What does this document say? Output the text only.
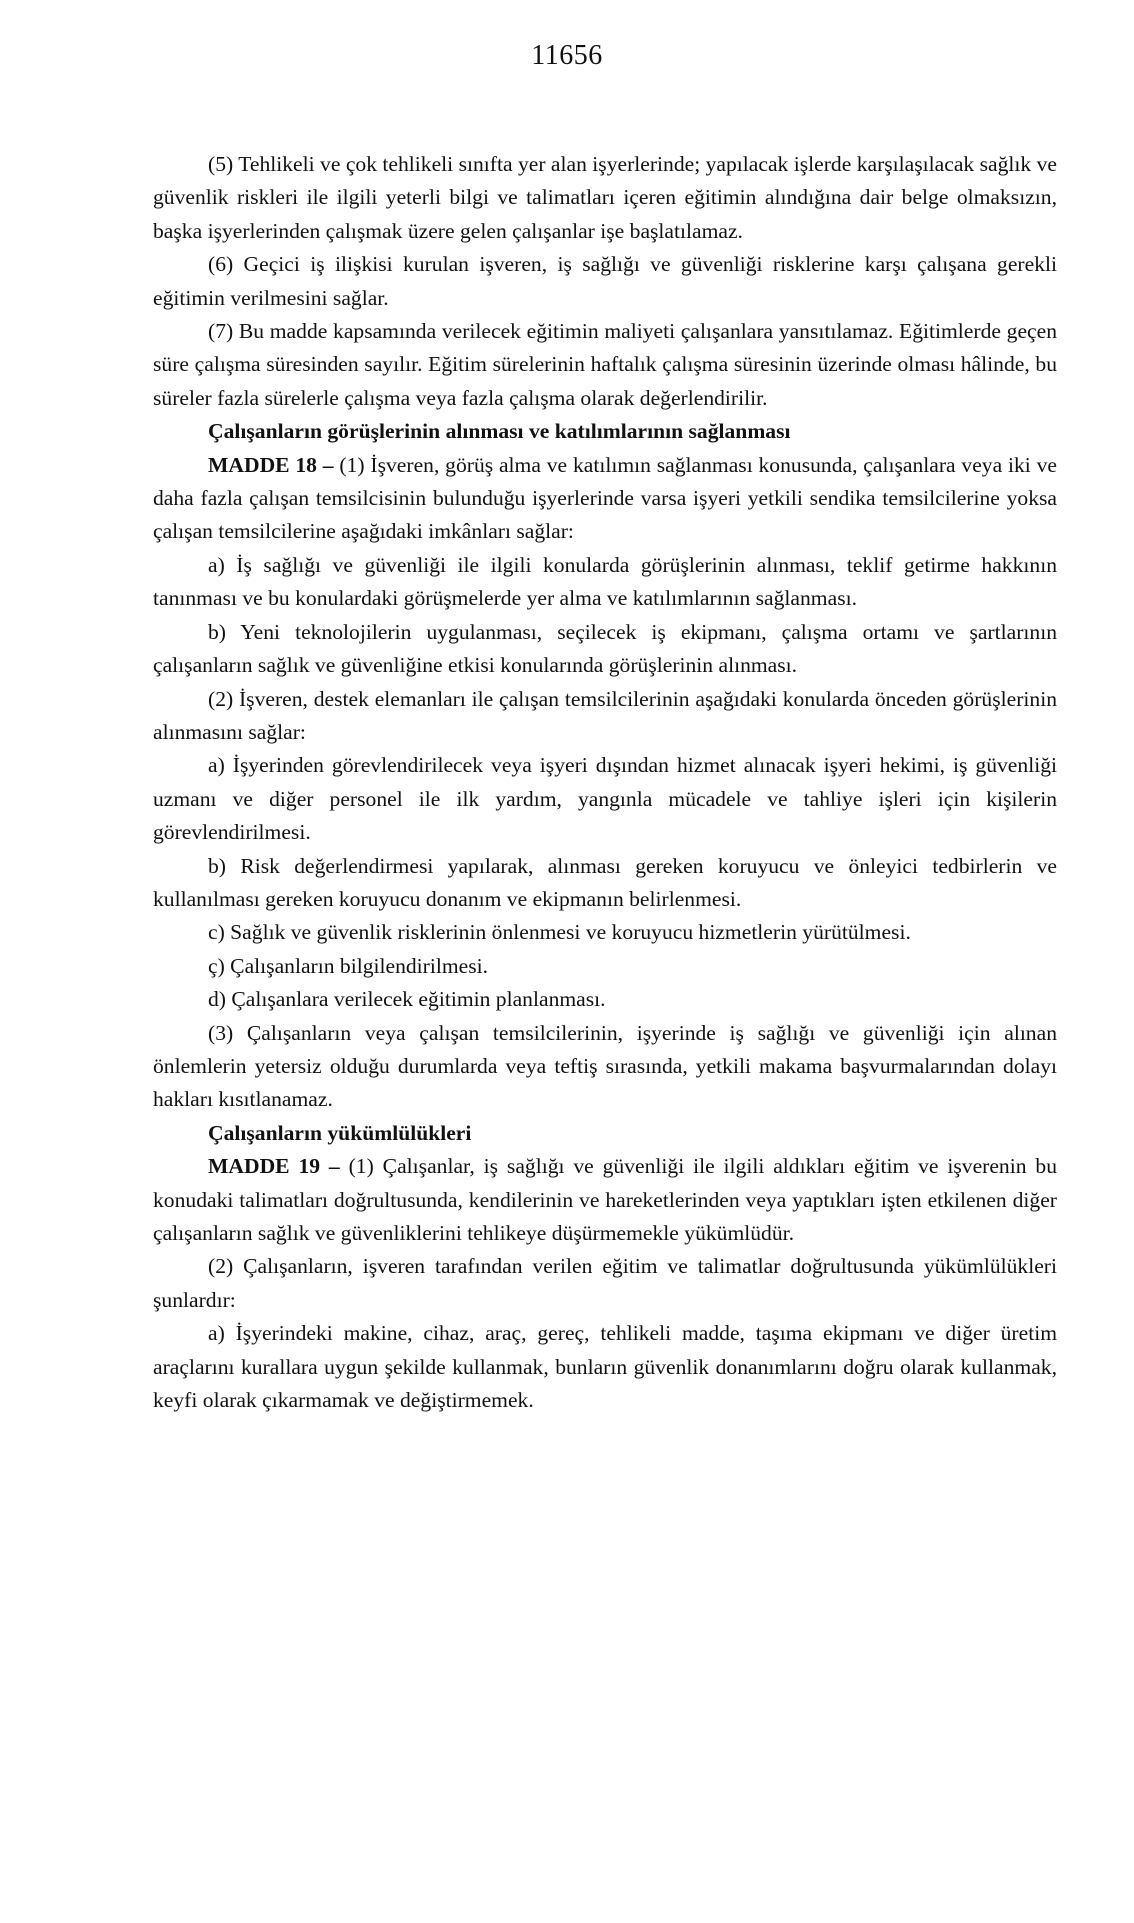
11656

(5) Tehlikeli ve çok tehlikeli sınıfta yer alan işyerlerinde; yapılacak işlerde karşılaşılacak sağlık ve güvenlik riskleri ile ilgili yeterli bilgi ve talimatları içeren eğitimin alındığına dair belge olmaksızın, başka işyerlerinden çalışmak üzere gelen çalışanlar işe başlatılamaz.

(6) Geçici iş ilişkisi kurulan işveren, iş sağlığı ve güvenliği risklerine karşı çalışana gerekli eğitimin verilmesini sağlar.

(7) Bu madde kapsamında verilecek eğitimin maliyeti çalışanlara yansıtılamaz. Eğitimlerde geçen süre çalışma süresinden sayılır. Eğitim sürelerinin haftalık çalışma süresinin üzerinde olması hâlinde, bu süreler fazla sürelerle çalışma veya fazla çalışma olarak değerlendirilir.

Çalışanların görüşlerinin alınması ve katılımlarının sağlanması

MADDE 18 – (1) İşveren, görüş alma ve katılımın sağlanması konusunda, çalışanlara veya iki ve daha fazla çalışan temsilcisinin bulunduğu işyerlerinde varsa işyeri yetkili sendika temsilcilerine yoksa çalışan temsilcilerine aşağıdaki imkânları sağlar:

a) İş sağlığı ve güvenliği ile ilgili konularda görüşlerinin alınması, teklif getirme hakkının tanınması ve bu konulardaki görüşmelerde yer alma ve katılımlarının sağlanması.

b) Yeni teknolojilerin uygulanması, seçilecek iş ekipmanı, çalışma ortamı ve şartlarının çalışanların sağlık ve güvenliğine etkisi konularında görüşlerinin alınması.

(2) İşveren, destek elemanları ile çalışan temsilcilerinin aşağıdaki konularda önceden görüşlerinin alınmasını sağlar:

a) İşyerinden görevlendirilecek veya işyeri dışından hizmet alınacak işyeri hekimi, iş güvenliği uzmanı ve diğer personel ile ilk yardım, yangınla mücadele ve tahliye işleri için kişilerin görevlendirilmesi.

b) Risk değerlendirmesi yapılarak, alınması gereken koruyucu ve önleyici tedbirlerin ve kullanılması gereken koruyucu donanım ve ekipmanın belirlenmesi.

c) Sağlık ve güvenlik risklerinin önlenmesi ve koruyucu hizmetlerin yürütülmesi.

ç) Çalışanların bilgilendirilmesi.

d) Çalışanlara verilecek eğitimin planlanması.

(3) Çalışanların veya çalışan temsilcilerinin, işyerinde iş sağlığı ve güvenliği için alınan önlemlerin yetersiz olduğu durumlarda veya teftiş sırasında, yetkili makama başvurmalarından dolayı hakları kısıtlanamaz.

Çalışanların yükümlülükleri

MADDE 19 – (1) Çalışanlar, iş sağlığı ve güvenliği ile ilgili aldıkları eğitim ve işverenin bu konudaki talimatları doğrultusunda, kendilerinin ve hareketlerinden veya yaptıkları işten etkilenen diğer çalışanların sağlık ve güvenliklerini tehlikeye düşürmemekle yükümlüdür.

(2) Çalışanların, işveren tarafından verilen eğitim ve talimatlar doğrultusunda yükümlülükleri şunlardır:

a) İşyerindeki makine, cihaz, araç, gereç, tehlikeli madde, taşıma ekipmanı ve diğer üretim araçlarını kurallara uygun şekilde kullanmak, bunların güvenlik donanımlarını doğru olarak kullanmak, keyfi olarak çıkarmamak ve değiştirmemek.
